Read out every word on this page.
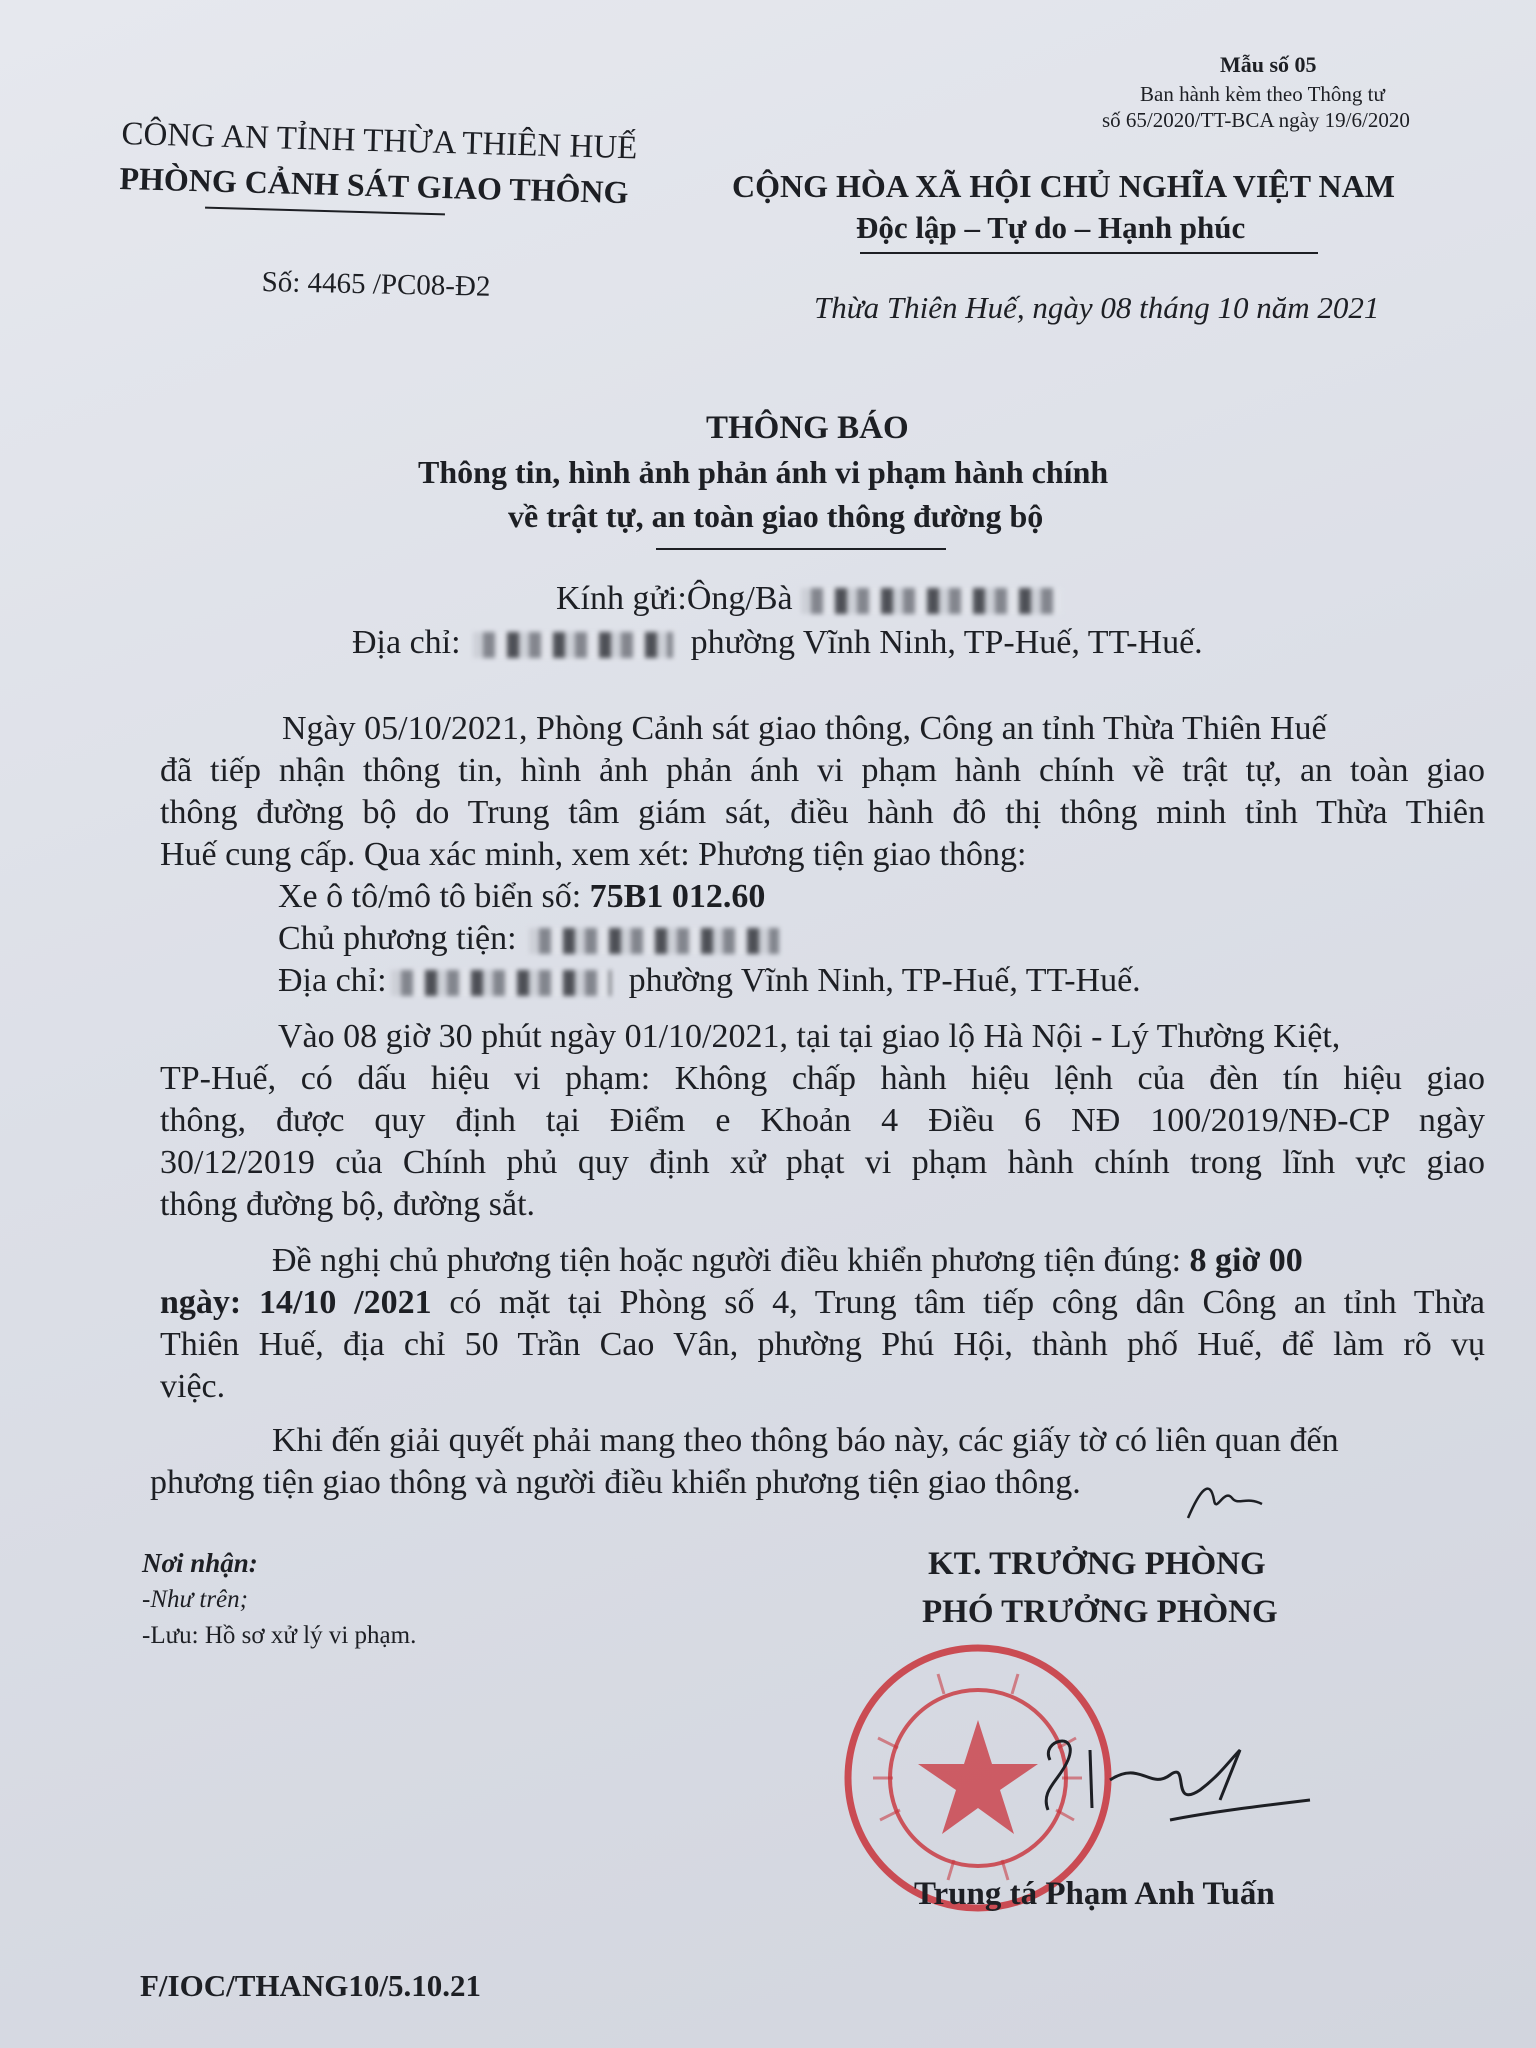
Mẫu số 05
Ban hành kèm theo Thông tư
số 65/2020/TT-BCA ngày 19/6/2020
CÔNG AN TỈNH THỪA THIÊN HUẾ
PHÒNG CẢNH SÁT GIAO THÔNG
Số: 4465 /PC08-Đ2
CỘNG HÒA XÃ HỘI CHỦ NGHĨA VIỆT NAM
Độc lập – Tự do – Hạnh phúc
Thừa Thiên Huế, ngày 08 tháng 10 năm 2021
THÔNG BÁO
Thông tin, hình ảnh phản ánh vi phạm hành chính
về trật tự, an toàn giao thông đường bộ
Kính gửi:Ông/Bà
Địa chỉ:	phường Vĩnh Ninh, TP-Huế, TT-Huế.
Ngày 05/10/2021, Phòng Cảnh sát giao thông, Công an tỉnh Thừa Thiên Huế
đã tiếp nhận thông tin, hình ảnh phản ánh vi phạm hành chính về trật tự, an toàn giao
thông đường bộ do Trung tâm giám sát, điều hành đô thị thông minh tỉnh Thừa Thiên
Huế cung cấp. Qua xác minh, xem xét: Phương tiện giao thông:
Xe ô tô/mô tô biển số: 75B1 012.60
Chủ phương tiện:
Địa chỉ:	phường Vĩnh Ninh, TP-Huế, TT-Huế.
Vào 08 giờ 30 phút ngày 01/10/2021, tại tại giao lộ Hà Nội - Lý Thường Kiệt,
TP-Huế, có dấu hiệu vi phạm: Không chấp hành hiệu lệnh của đèn tín hiệu giao
thông, được quy định tại Điểm e Khoản 4 Điều 6 NĐ 100/2019/NĐ-CP ngày
30/12/2019 của Chính phủ quy định xử phạt vi phạm hành chính trong lĩnh vực giao
thông đường bộ, đường sắt.
Đề nghị chủ phương tiện hoặc người điều khiển phương tiện đúng: 8 giờ 00
ngày: 14/10 /2021 có mặt tại Phòng số 4, Trung tâm tiếp công dân Công an tỉnh Thừa
Thiên Huế, địa chỉ 50 Trần Cao Vân, phường Phú Hội, thành phố Huế, để làm rõ vụ
việc.
Khi đến giải quyết phải mang theo thông báo này, các giấy tờ có liên quan đến
phương tiện giao thông và người điều khiển phương tiện giao thông.
Nơi nhận:
-Như trên;
-Lưu: Hồ sơ xử lý vi phạm.
KT. TRƯỞNG PHÒNG
PHÓ TRƯỞNG PHÒNG
Trung tá Phạm Anh Tuấn
F/IOC/THANG10/5.10.21
